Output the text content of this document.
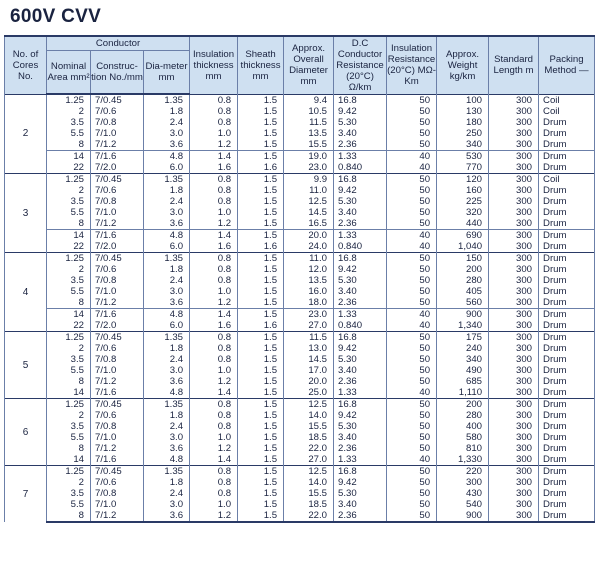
600V CVV
No. of Cores No.	Conductor			Insulation thickness mm	Sheath thickness mm	Approx. Overall Diameter mm	D.C Conductor Resistance (20°C) Ω/km	Insulation Resistance (20°C) MΩ-Km	Approx. Weight kg/km	Standard Length m	Packing Method —
	Nominal Area mm²	Construc-tion No./mm	Dia-meter mm								
2	1.25	7/0.45	1.35	0.8	1.5	9.4	16.8	50	100	300	Coil
	2	7/0.6	1.8	0.8	1.5	10.5	9.42	50	130	300	Coil
	3.5	7/0.8	2.4	0.8	1.5	11.5	5.30	50	180	300	Drum
	5.5	7/1.0	3.0	1.0	1.5	13.5	3.40	50	250	300	Drum
	8	7/1.2	3.6	1.2	1.5	15.5	2.36	50	340	300	Drum
	14	7/1.6	4.8	1.4	1.5	19.0	1.33	40	530	300	Drum
	22	7/2.0	6.0	1.6	1.6	23.0	0.840	40	770	300	Drum
3	1.25	7/0.45	1.35	0.8	1.5	9.9	16.8	50	120	300	Coil
	2	7/0.6	1.8	0.8	1.5	11.0	9.42	50	160	300	Drum
	3.5	7/0.8	2.4	0.8	1.5	12.5	5.30	50	225	300	Drum
	5.5	7/1.0	3.0	1.0	1.5	14.5	3.40	50	320	300	Drum
	8	7/1.2	3.6	1.2	1.5	16.5	2.36	50	440	300	Drum
	14	7/1.6	4.8	1.4	1.5	20.0	1.33	40	690	300	Drum
	22	7/2.0	6.0	1.6	1.6	24.0	0.840	40	1,040	300	Drum
4	1.25	7/0.45	1.35	0.8	1.5	11.0	16.8	50	150	300	Drum
	2	7/0.6	1.8	0.8	1.5	12.0	9.42	50	200	300	Drum
	3.5	7/0.8	2.4	0.8	1.5	13.5	5.30	50	280	300	Drum
	5.5	7/1.0	3.0	1.0	1.5	16.0	3.40	50	405	300	Drum
	8	7/1.2	3.6	1.2	1.5	18.0	2.36	50	560	300	Drum
	14	7/1.6	4.8	1.4	1.5	23.0	1.33	40	900	300	Drum
	22	7/2.0	6.0	1.6	1.6	27.0	0.840	40	1,340	300	Drum
5	1.25	7/0.45	1.35	0.8	1.5	11.5	16.8	50	175	300	Drum
	2	7/0.6	1.8	0.8	1.5	13.0	9.42	50	240	300	Drum
	3.5	7/0.8	2.4	0.8	1.5	14.5	5.30	50	340	300	Drum
	5.5	7/1.0	3.0	1.0	1.5	17.0	3.40	50	490	300	Drum
	8	7/1.2	3.6	1.2	1.5	20.0	2.36	50	685	300	Drum
	14	7/1.6	4.8	1.4	1.5	25.0	1.33	40	1,110	300	Drum
6	1.25	7/0.45	1.35	0.8	1.5	12.5	16.8	50	200	300	Drum
	2	7/0.6	1.8	0.8	1.5	14.0	9.42	50	280	300	Drum
	3.5	7/0.8	2.4	0.8	1.5	15.5	5.30	50	400	300	Drum
	5.5	7/1.0	3.0	1.0	1.5	18.5	3.40	50	580	300	Drum
	8	7/1.2	3.6	1.2	1.5	22.0	2.36	50	810	300	Drum
	14	7/1.6	4.8	1.4	1.5	27.0	1.33	40	1,330	300	Drum
7	1.25	7/0.45	1.35	0.8	1.5	12.5	16.8	50	220	300	Drum
	2	7/0.6	1.8	0.8	1.5	14.0	9.42	50	300	300	Drum
	3.5	7/0.8	2.4	0.8	1.5	15.5	5.30	50	430	300	Drum
	5.5	7/1.0	3.0	1.0	1.5	18.5	3.40	50	540	300	Drum
	8	7/1.2	3.6	1.2	1.5	22.0	2.36	50	900	300	Drum
